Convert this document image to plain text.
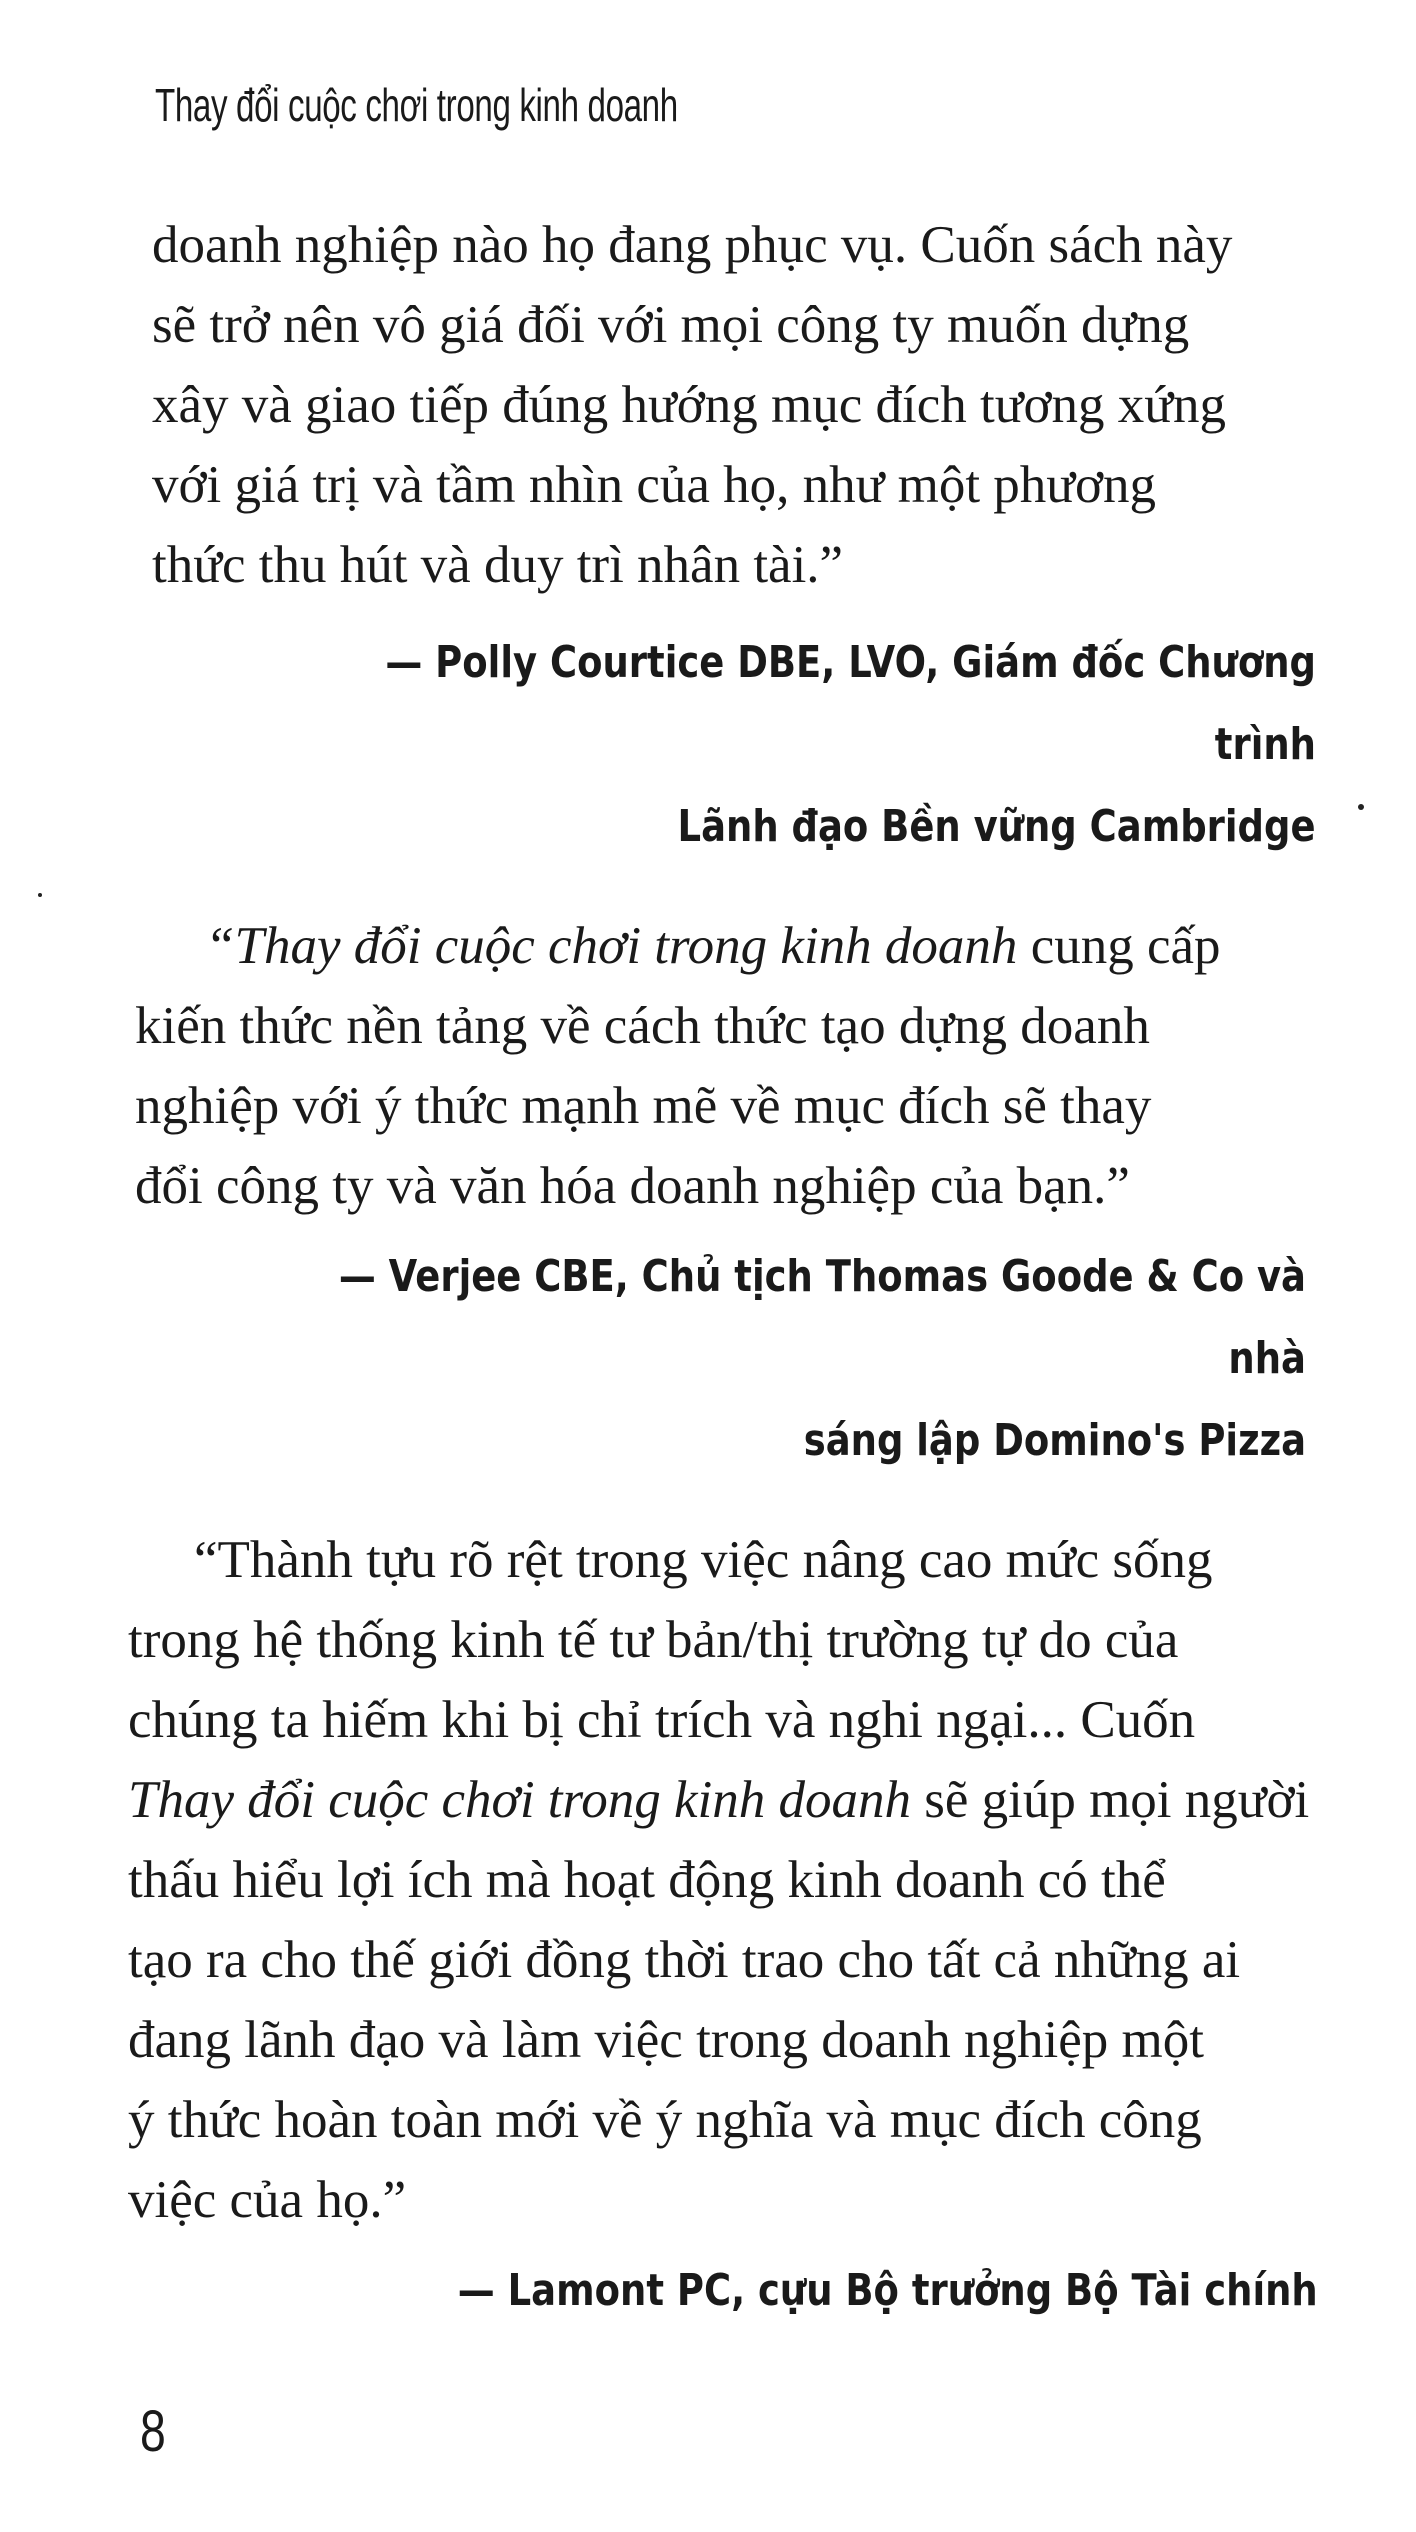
Thay đổi cuộc chơi trong kinh doanh
doanh nghiệp nào họ đang phục vụ. Cuốn sách này
sẽ trở nên vô giá đối với mọi công ty muốn dựng
xây và giao tiếp đúng hướng mục đích tương xứng
với giá trị và tầm nhìn của họ, như một phương
thức thu hút và duy trì nhân tài.”
— Polly Courtice DBE, LVO, Giám đốc Chương trình
Lãnh đạo Bền vững Cambridge
“Thay đổi cuộc chơi trong kinh doanh cung cấp
kiến thức nền tảng về cách thức tạo dựng doanh
nghiệp với ý thức mạnh mẽ về mục đích sẽ thay
đổi công ty và văn hóa doanh nghiệp của bạn.”
— Verjee CBE, Chủ tịch Thomas Goode & Co và nhà
sáng lập Domino's Pizza
“Thành tựu rõ rệt trong việc nâng cao mức sống
trong hệ thống kinh tế tư bản/thị trường tự do của
chúng ta hiếm khi bị chỉ trích và nghi ngại... Cuốn
Thay đổi cuộc chơi trong kinh doanh sẽ giúp mọi người
thấu hiểu lợi ích mà hoạt động kinh doanh có thể
tạo ra cho thế giới đồng thời trao cho tất cả những ai
đang lãnh đạo và làm việc trong doanh nghiệp một
ý thức hoàn toàn mới về ý nghĩa và mục đích công
việc của họ.”
— Lamont PC, cựu Bộ trưởng Bộ Tài chính
8
